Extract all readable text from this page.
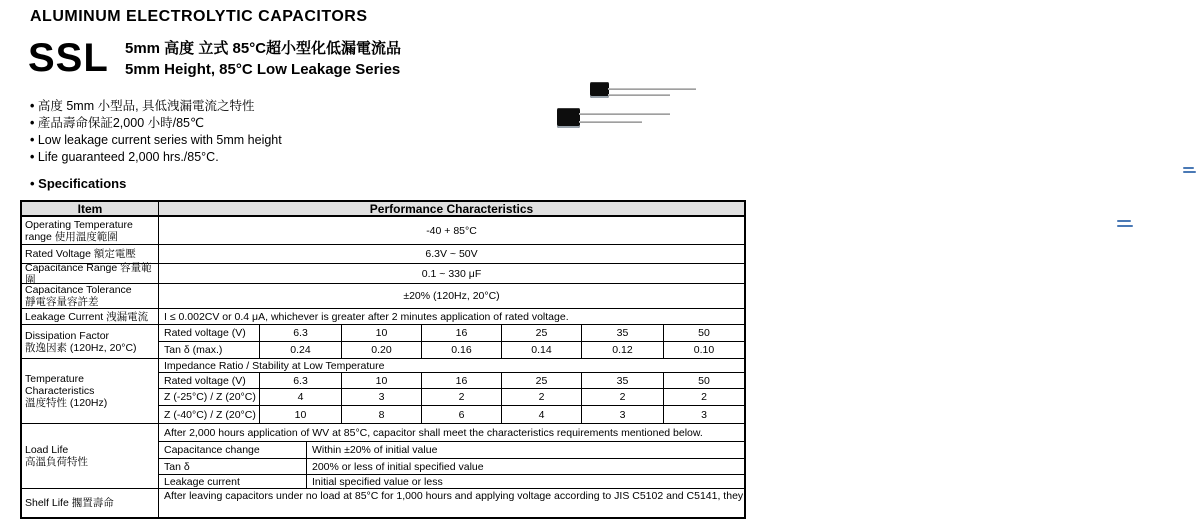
ALUMINUM ELECTROLYTIC CAPACITORS
SSL 5mm 高度 立式 85°C超小型化低漏電流品
5mm Height, 85°C Low Leakage Series
• 高度 5mm 小型品, 具低洩漏電流之特性
• 產品壽命保証2,000 小時/85℃
• Low leakage current series with 5mm height
• Life guaranteed 2,000 hrs./85°C.
• Specifications
Item	Performance Characteristics
Operating Temperature
range 使用溫度範圍	-40 + 85°C
Rated Voltage 額定電壓	6.3V ~ 50V
Capacitance Range 容量範圍	0.1 ~ 330 μF
Capacitance Tolerance
靜電容量容許差	±20% (120Hz, 20°C)
Leakage Current 洩漏電流	I ≤ 0.002CV or 0.4 μA, whichever is greater after 2 minutes application of rated voltage.
Dissipation Factor
散逸因素 (120Hz, 20°C)
Rated voltage (V)	6.3	10	16	25	35	50
Tan δ (max.)	0.24	0.20	0.16	0.14	0.12	0.10
Temperature
Characteristics
溫度特性 (120Hz)
Impedance Ratio / Stability at Low Temperature
Rated voltage (V)	6.3	10	16	25	35	50
Z (-25°C) / Z (20°C)	4	3	2	2	2	2
Z (-40°C) / Z (20°C)	10	8	6	4	3	3
Load Life
高溫負荷特性
After 2,000 hours application of WV at 85°C, capacitor shall meet the characteristics requirements mentioned below.
Capacitance change	Within ±20% of initial value
Tan δ	200% or less of initial specified value
Leakage current	Initial specified value or less
Shelf Life 擱置壽命
After leaving capacitors under no load at 85°C for 1,000 hours and applying voltage according to JIS C5102 and C5141, they
